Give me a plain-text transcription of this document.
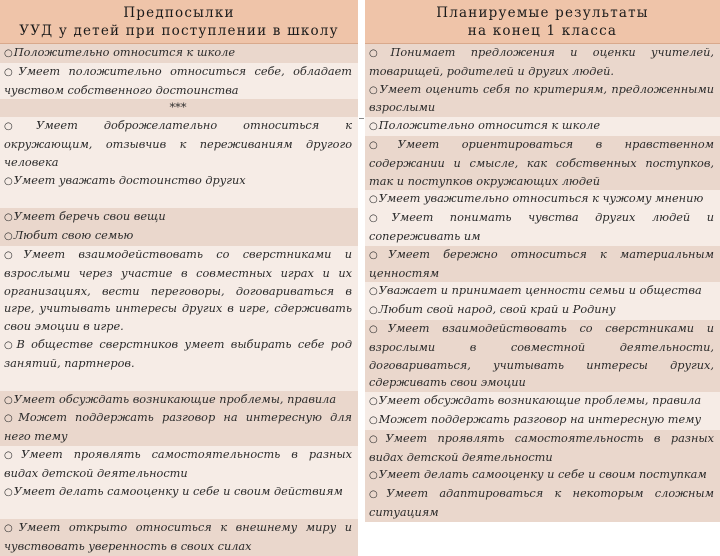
Предпосылки
УУД у детей при поступлении в школу
○Положительно относится к школе
○Умеет положительно относиться себе, обладает чувством собственного достоинства
***
○Умеет доброжелательно относиться к окружающим, отзывчив к переживаниям другого человека
○Умеет уважать достоинство других
○Умеет беречь свои вещи
○Любит свою семью
○Умеет взаимодействовать со сверстниками и взрослыми через участие в совместных играх и их организациях, вести переговоры, договариваться в игре, учитывать интересы других в игре, сдерживать свои эмоции в игре.
○В обществе сверстников умеет выбирать себе род занятий, партнеров.
○Умеет обсуждать возникающие проблемы, правила
○Может поддержать разговор на интересную для него тему
○Умеет проявлять самостоятельность в разных видах детской деятельности
○Умеет делать самооценку и себе и своим действиям
○Умеет открыто относиться к внешнему миру и чувствовать уверенность в своих силах
Планируемые результаты
на конец 1 класса
○Понимает предложения и оценки учителей, товарищей, родителей и других людей.
○Умеет оценить себя по критериям, предложенными взрослыми
○Положительно относится к школе
○Умеет ориентироваться в нравственном содержании и смысле, как собственных поступков, так и поступков окружающих людей
○Умеет уважительно относиться к чужому мнению
○Умеет понимать чувства других людей и сопереживать им
○Умеет бережно относиться к материальным ценностям
○Уважает и принимает ценности семьи и общества
○Любит свой народ, свой край и Родину
○Умеет взаимодействовать со сверстниками и взрослыми в совместной деятельности, договариваться, учитывать интересы других, сдерживать свои эмоции
○Умеет обсуждать возникающие проблемы, правила
○Может поддержать разговор на интересную тему
○Умеет проявлять самостоятельность в разных видах детской деятельности
○Умеет делать самооценку и себе и своим поступкам
○Умеет адаптироваться к некоторым сложным ситуациям
